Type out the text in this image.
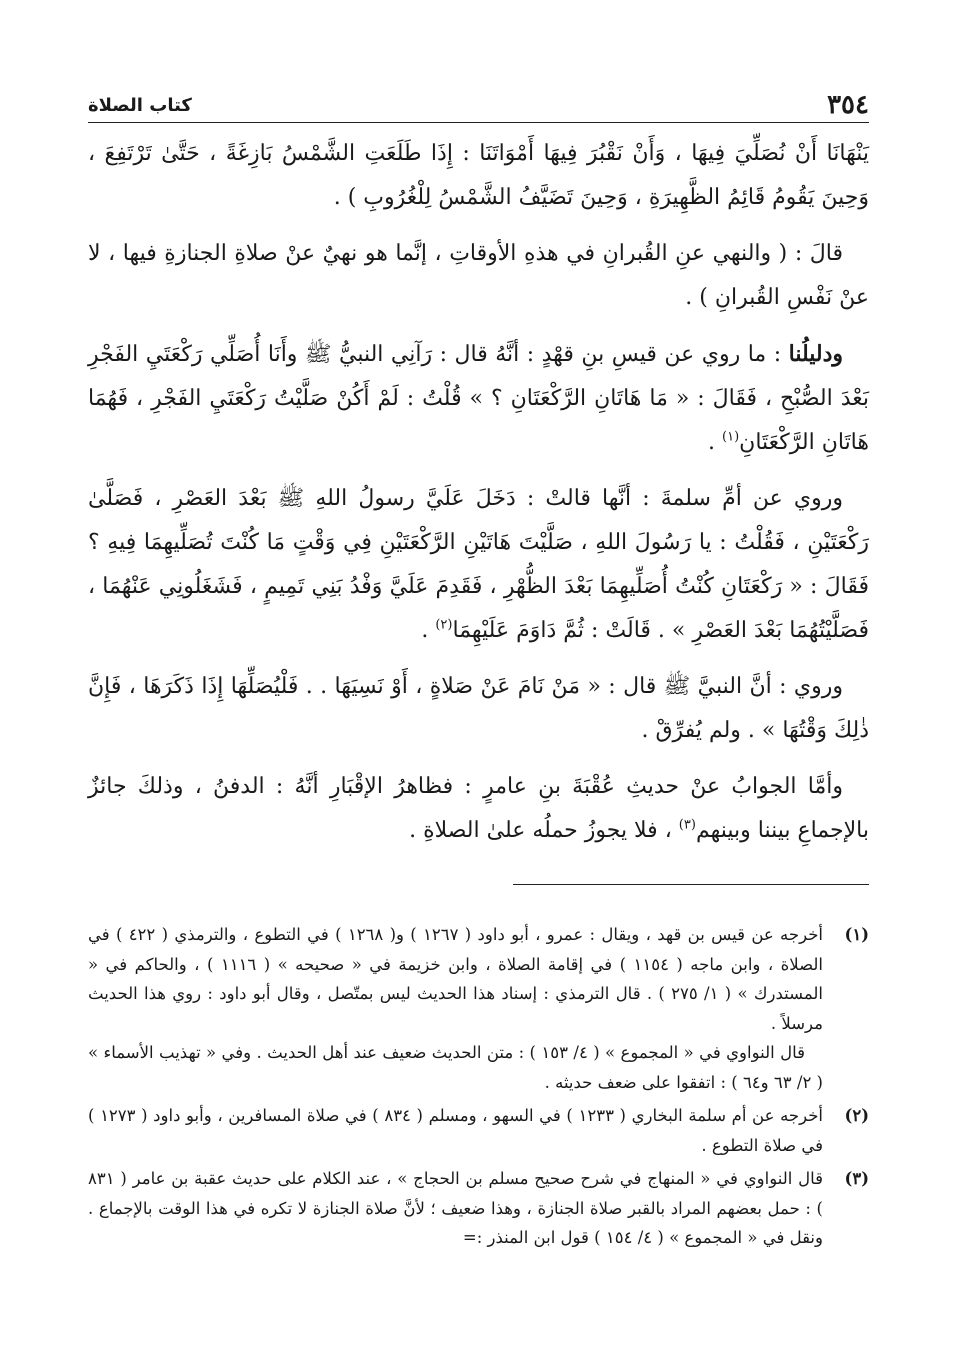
٣٥٤
كتاب الصلاة

يَنْهَانَا أَنْ نُصَلِّيَ فِيهَا ، وَأَنْ نَقْبُرَ فِيهَا أَمْوَاتَنَا : إِذَا طَلَعَتِ الشَّمْسُ بَازِغَةً ، حَتَّىٰ تَرْتَفِعَ ، وَحِينَ يَقُومُ قَائِمُ الظَّهِيرَةِ ، وَحِينَ تَضَيَّفُ الشَّمْسُ لِلْغُرُوبِ ) .

قالَ : ( والنهي عنِ القُبرانِ في هذهِ الأوقاتِ ، إنَّما هو نهيٌ عنْ صلاةِ الجنازةِ فيها ، لا عنْ نَفْسِ القُبرانِ ) .

ودليلُنا : ما روي عن قيسِ بنِ قهْدٍ : أنَّهُ قال : رَآنِي النبيُّ ﷺ وأَنَا أُصَلِّي رَكْعَتَيِ الفَجْرِ بَعْدَ الصُّبْحِ ، فَقَالَ : « مَا هَاتَانِ الرَّكْعَتَانِ ؟ » قُلْتُ : لَمْ أَكُنْ صَلَّيْتُ رَكْعَتَيِ الفَجْرِ ، فَهُمَا هَاتَانِ الرَّكْعَتَانِ$^{(١)}$ .

وروي عن أمِّ سلمةَ : أنَّها قالتْ : دَخَلَ عَلَيَّ رسولُ اللهِ ﷺ بَعْدَ العَصْرِ ، فَصَلَّىٰ رَكْعَتَيْنِ ، فَقُلْتُ : يا رَسُولَ اللهِ ، صَلَّيْتَ هَاتَيْنِ الرَّكْعَتَيْنِ فِي وَقْتٍ مَا كُنْتَ تُصَلِّيهِمَا فِيهِ ؟ فَقَالَ : « رَكْعَتَانِ كُنْتُ أُصَلِّيهِمَا بَعْدَ الظُّهْرِ ، فَقَدِمَ عَلَيَّ وَفْدُ بَنِي تَمِيمٍ ، فَشَغَلُونِي عَنْهُمَا ، فَصَلَّيْتُهُمَا بَعْدَ العَصْرِ » . قَالَتْ : ثُمَّ دَاوَمَ عَلَيْهِمَا$^{(٢)}$ .

وروي : أنَّ النبيَّ ﷺ قال : « مَنْ نَامَ عَنْ صَلاةٍ ، أَوْ نَسِيَهَا . . فَلْيُصَلِّهَا إِذَا ذَكَرَهَا ، فَإِنَّ ذٰلِكَ وَقْتُهَا » . ولم يُفرِّقْ .

وأمَّا الجوابُ عنْ حديثِ عُقْبَةَ بنِ عامرٍ : فظاهرُ الإقْبَارِ أنَّهُ : الدفنُ ، وذلكَ جائزٌ بالإجماعِ بيننا وبينهم$^{(٣)}$ ، فلا يجوزُ حملُه علىٰ الصلاةِ .

(١)

أخرجه عن قيس بن قهد ، ويقال : عمرو ، أبو داود ( ١٢٦٧ ) و( ١٢٦٨ ) في التطوع ، والترمذي ( ٤٢٢ ) في الصلاة ، وابن ماجه ( ١١٥٤ ) في إقامة الصلاة ، وابن خزيمة في « صحيحه » ( ١١١٦ ) ، والحاكم في « المستدرك » ( ١/ ٢٧٥ ) . قال الترمذي : إسناد هذا الحديث ليس بمتّصل ، وقال أبو داود : روي هذا الحديث مرسلاً .

قال النواوي في « المجموع » ( ٤/ ١٥٣ ) : متن الحديث ضعيف عند أهل الحديث . وفي « تهذيب الأسماء » ( ٢/ ٦٣ و٦٤ ) : اتفقوا على ضعف حديثه .

(٢)

أخرجه عن أم سلمة البخاري ( ١٢٣٣ ) في السهو ، ومسلم ( ٨٣٤ ) في صلاة المسافرين ، وأبو داود ( ١٢٧٣ ) في صلاة التطوع .

(٣)

قال النواوي في « المنهاج في شرح صحيح مسلم بن الحجاج » ، عند الكلام على حديث عقبة بن عامر ( ٨٣١ ) : حمل بعضهم المراد بالقبر صلاة الجنازة ، وهذا ضعيف ؛ لأنَّ صلاة الجنازة لا تكره في هذا الوقت بالإجماع . ونقل في « المجموع » ( ٤/ ١٥٤ ) قول ابن المنذر :=
